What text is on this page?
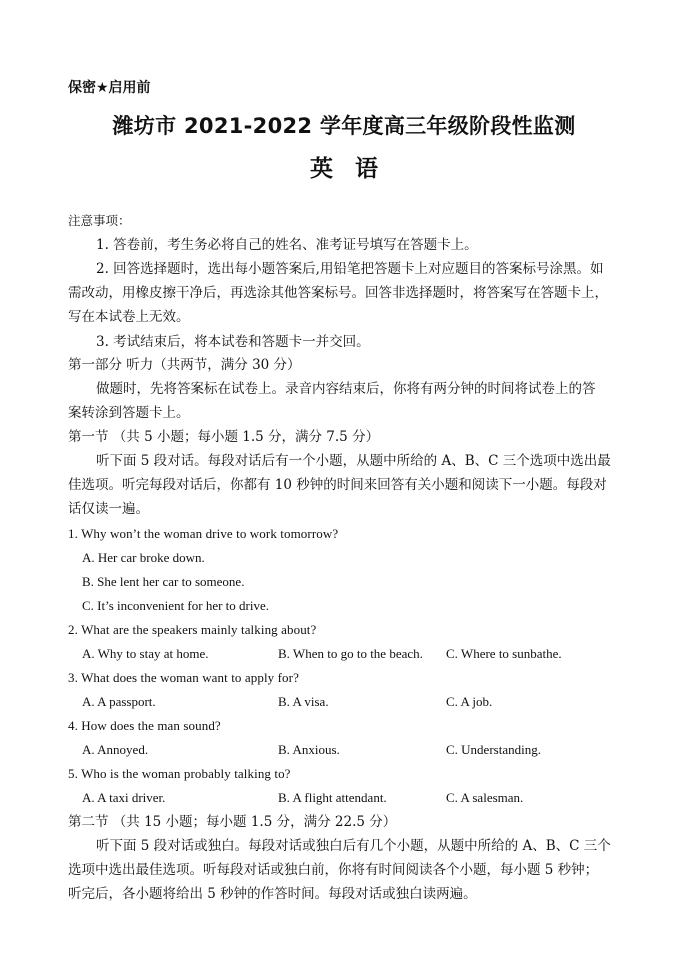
保密★启用前
潍坊市 2021-2022 学年度高三年级阶段性监测
英 语
注意事项：
1. 答卷前，考生务必将自己的姓名、准考证号填写在答题卡上。
2. 回答选择题时，选出每小题答案后,用铅笔把答题卡上对应题目的答案标号涂黑。如
需改动，用橡皮擦干净后，再选涂其他答案标号。回答非选择题时，将答案写在答题卡上，
写在本试卷上无效。
3. 考试结束后，将本试卷和答题卡一并交回。
第一部分 听力（共两节，满分 30 分）
做题时，先将答案标在试卷上。录音内容结束后，你将有两分钟的时间将试卷上的答
案转涂到答题卡上。
第一节 （共 5 小题；每小题 1.5 分，满分 7.5 分）
听下面 5 段对话。每段对话后有一个小题，从题中所给的 A、B、C 三个选项中选出最
佳选项。听完每段对话后，你都有 10 秒钟的时间来回答有关小题和阅读下一小题。每段对
话仅读一遍。
1. Why won’t the woman drive to work tomorrow?
A. Her car broke down.
B. She lent her car to someone.
C. It’s inconvenient for her to drive.
2. What are the speakers mainly talking about?
A. Why to stay at home.	B. When to go to the beach. C. Where to sunbathe.
3. What does the woman want to apply for?
A. A passport.	B. A visa.	C. A job.
4. How does the man sound?
A. Annoyed.	B. Anxious.	C. Understanding.
5. Who is the woman probably talking to?
A. A taxi driver.	B. A flight attendant.	C. A salesman.
第二节 （共 15 小题；每小题 1.5 分，满分 22.5 分）
听下面 5 段对话或独白。每段对话或独白后有几个小题，从题中所给的 A、B、C 三个
选项中选出最佳选项。听每段对话或独白前，你将有时间阅读各个小题，每小题 5 秒钟；
听完后，各小题将给出 5 秒钟的作答时间。每段对话或独白读两遍。
